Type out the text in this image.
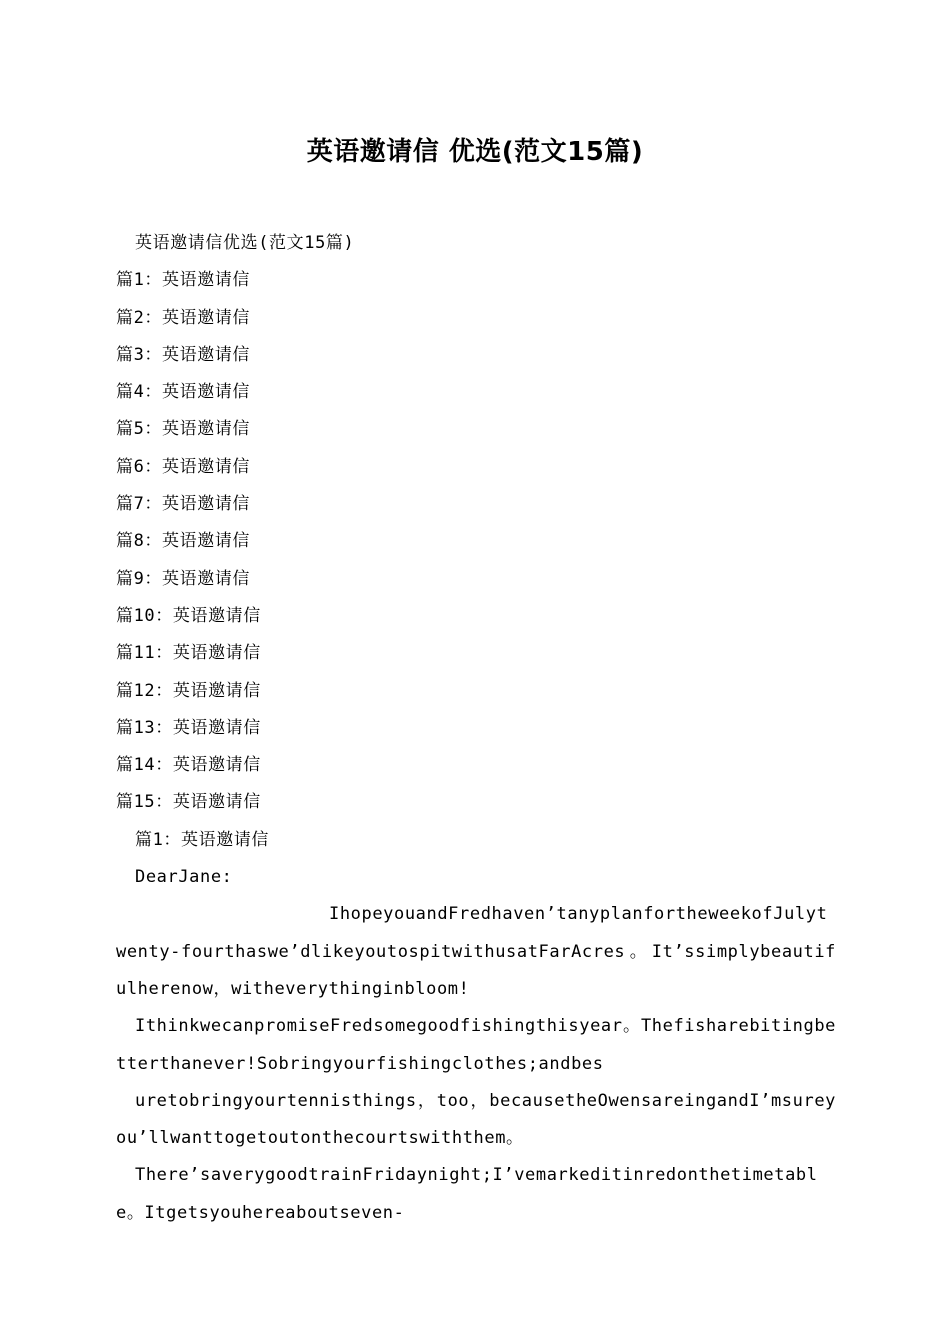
英语邀请信 优选(范文15篇)
英语邀请信优选(范文15篇)
篇1：英语邀请信
篇2：英语邀请信
篇3：英语邀请信
篇4：英语邀请信
篇5：英语邀请信
篇6：英语邀请信
篇7：英语邀请信
篇8：英语邀请信
篇9：英语邀请信
篇10：英语邀请信
篇11：英语邀请信
篇12：英语邀请信
篇13：英语邀请信
篇14：英语邀请信
篇15：英语邀请信
篇1：英语邀请信
DearJane:
IhopeyouandFredhaven’tanyplanfortheweekofJulytwenty-fourthaswe’dlikeyoutospitwithusatFarAcres。It’ssimplybeautifulherenow，witheverythinginbloom!
IthinkwecanpromiseFredsomegoodfishingthisyear。Thefisharebitingbetterthanever!Sobringyourfishingclothes;andbes
uretobringyourtennisthings，too，becausetheOwensareingandI’msureyou’llwanttogetoutonthecourtswiththem。
There’saverygoodtrainFridaynight;I’vemarkeditinredonthetimetable。Itgetsyouhereaboutseven-
